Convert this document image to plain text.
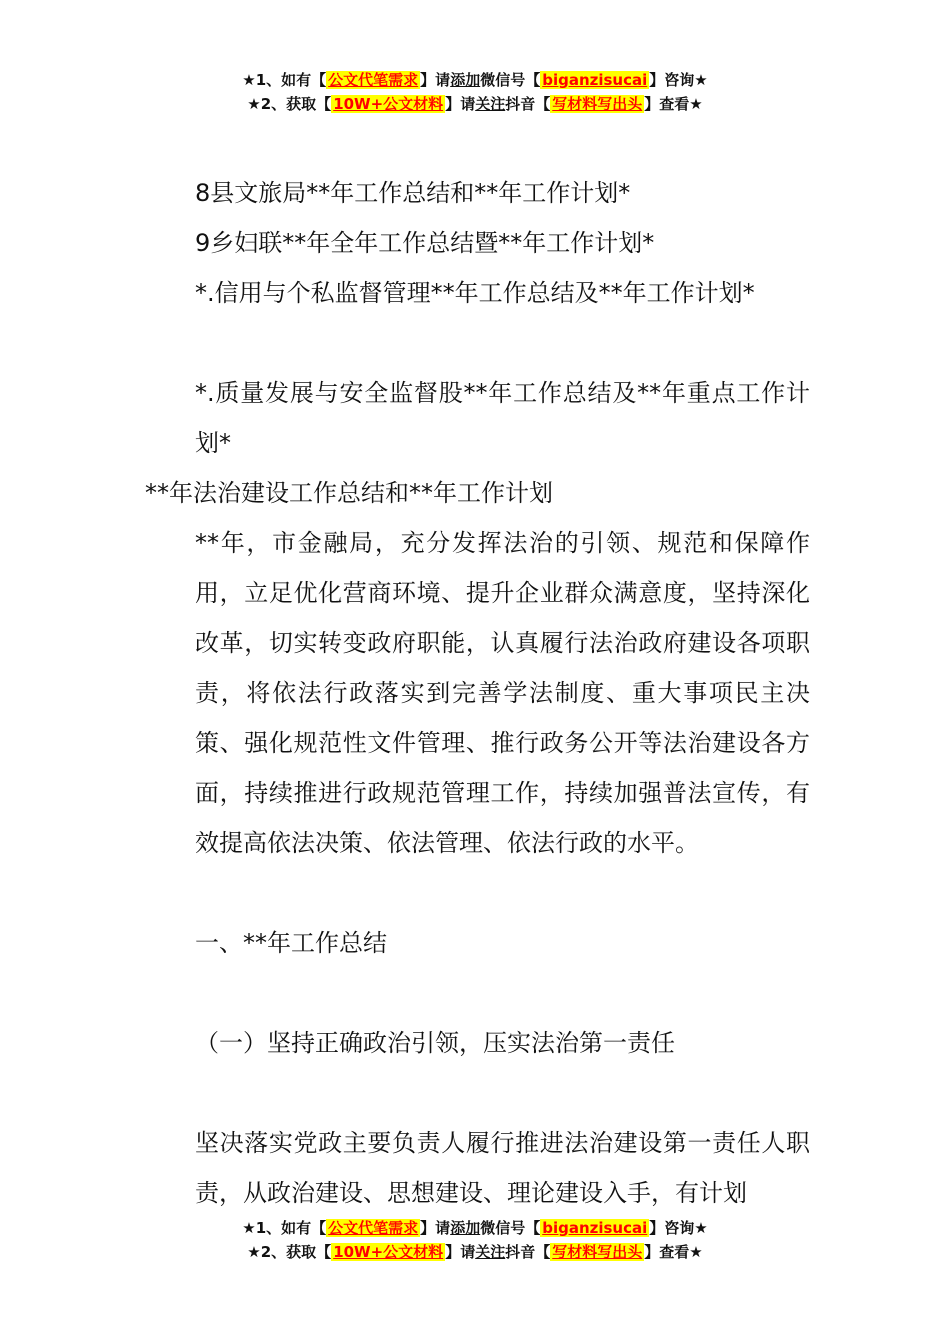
★1、如有【 公文代笔需求 】请添加微信号【 biganzisucai 】咨询★
★2、获取【 10W+公文材料 】请关注抖音【 写材料写出头 】查看★

8县文旅局**年工作总结和**年工作计划*

9乡妇联**年全年工作总结暨**年工作计划*

*.信用与个私监督管理**年工作总结及**年工作计划*

*.质量发展与安全监督股**年工作总结及**年重点工作计划*

**年法治建设工作总结和**年工作计划

**年，市金融局，充分发挥法治的引领、规范和保障作用，立足优化营商环境、提升企业群众满意度，坚持深化改革，切实转变政府职能，认真履行法治政府建设各项职责，将依法行政落实到完善学法制度、重大事项民主决策、强化规范性文件管理、推行政务公开等法治建设各方面，持续推进行政规范管理工作，持续加强普法宣传，有效提高依法决策、依法管理、依法行政的水平。

一、**年工作总结

（一）坚持正确政治引领，压实法治第一责任

坚决落实党政主要负责人履行推进法治建设第一责任人职责，从政治建设、思想建设、理论建设入手，有计划

★1、如有【 公文代笔需求 】请添加微信号【 biganzisucai 】咨询★
★2、获取【 10W+公文材料 】请关注抖音【 写材料写出头 】查看★
